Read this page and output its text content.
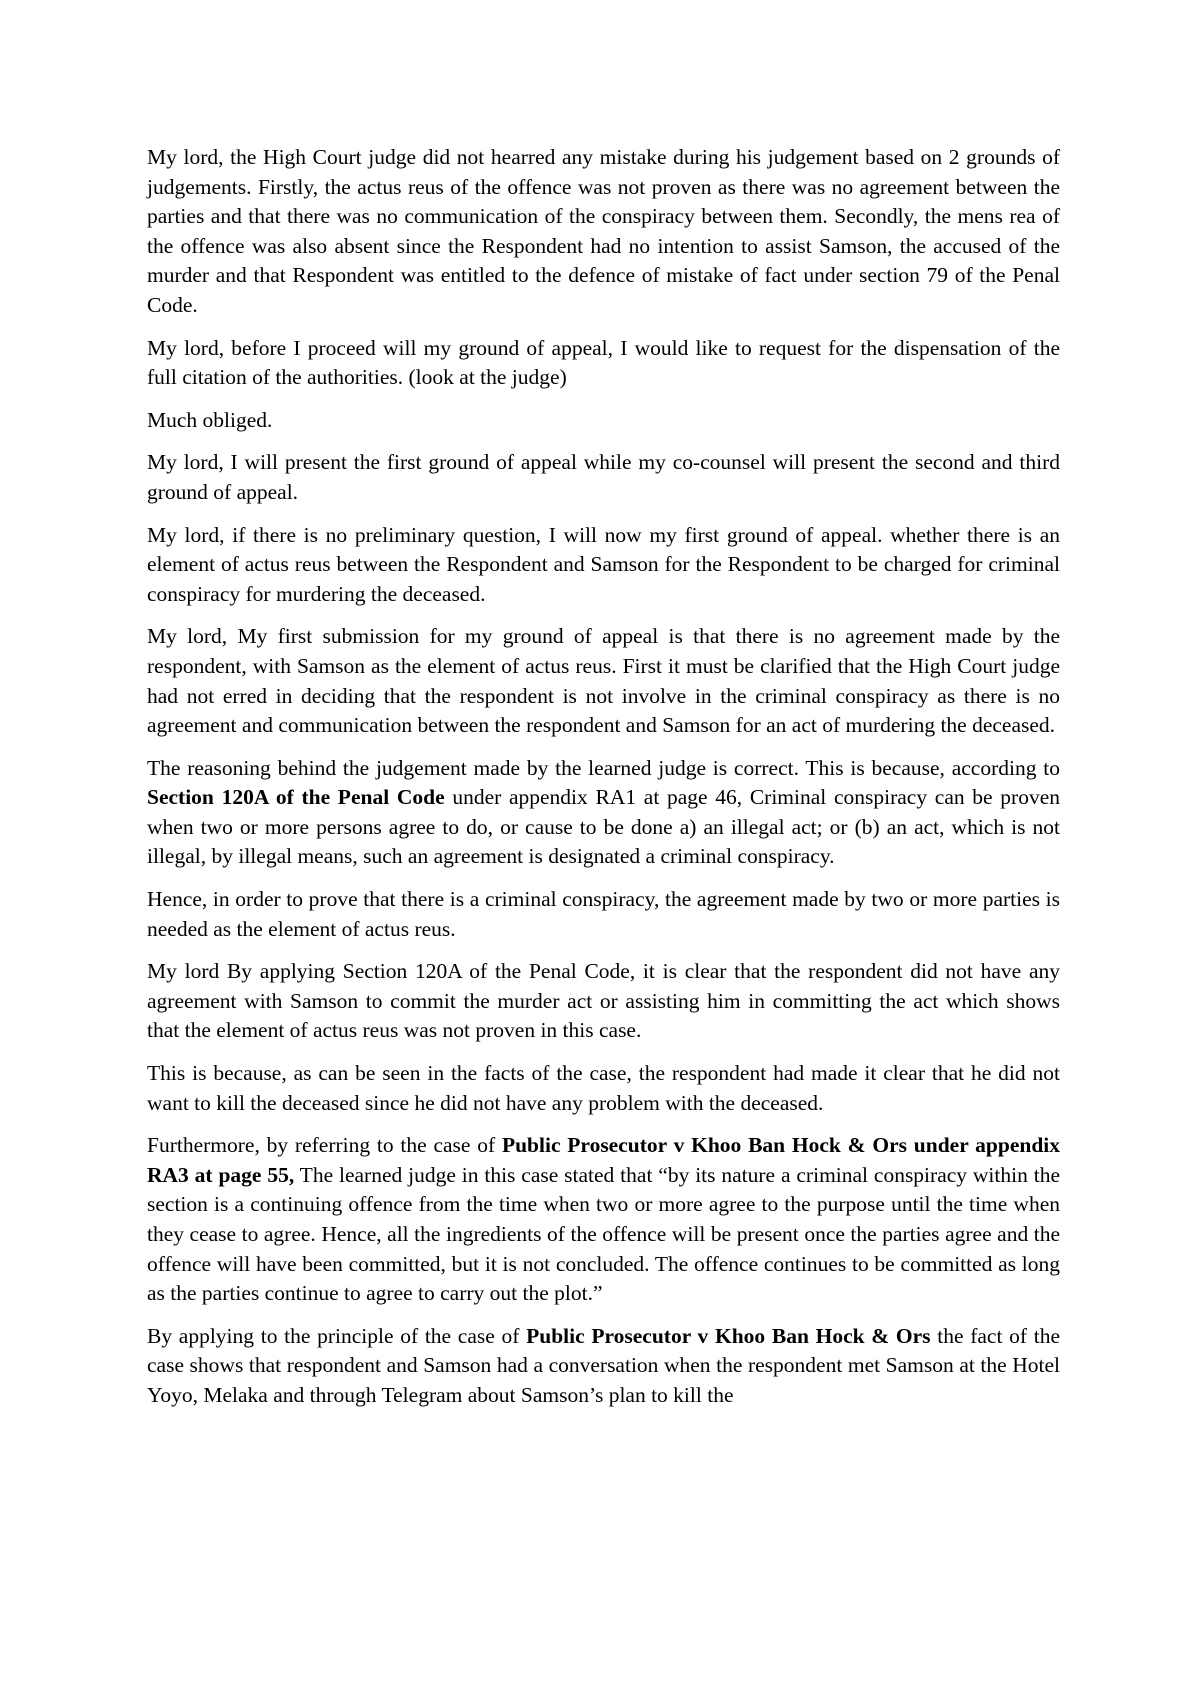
My lord, the High Court judge did not hearred any mistake during his judgement based on 2 grounds of judgements. Firstly, the actus reus of the offence was not proven as there was no agreement between the parties and that there was no communication of the conspiracy between them. Secondly, the mens rea of the offence was also absent since the Respondent had no intention to assist Samson, the accused of the murder and that Respondent was entitled to the defence of mistake of fact under section 79 of the Penal Code.

My lord, before I proceed will my ground of appeal, I would like to request for the dispensation of the full citation of the authorities. (look at the judge)

Much obliged.

My lord, I will present the first ground of appeal while my co-counsel will present the second and third ground of appeal.

My lord, if there is no preliminary question, I will now my first ground of appeal. whether there is an element of actus reus between the Respondent and Samson for the Respondent to be charged for criminal conspiracy for murdering the deceased.

My lord, My first submission for my ground of appeal is that there is no agreement made by the respondent, with Samson as the element of actus reus. First it must be clarified that the High Court judge had not erred in deciding that the respondent is not involve in the criminal conspiracy as there is no agreement and communication between the respondent and Samson for an act of murdering the deceased.

The reasoning behind the judgement made by the learned judge is correct. This is because, according to Section 120A of the Penal Code under appendix RA1 at page 46, Criminal conspiracy can be proven when two or more persons agree to do, or cause to be done a) an illegal act; or (b) an act, which is not illegal, by illegal means, such an agreement is designated a criminal conspiracy.

Hence, in order to prove that there is a criminal conspiracy, the agreement made by two or more parties is needed as the element of actus reus.

My lord By applying Section 120A of the Penal Code, it is clear that the respondent did not have any agreement with Samson to commit the murder act or assisting him in committing the act which shows that the element of actus reus was not proven in this case.

This is because, as can be seen in the facts of the case, the respondent had made it clear that he did not want to kill the deceased since he did not have any problem with the deceased.

Furthermore, by referring to the case of Public Prosecutor v Khoo Ban Hock & Ors under appendix RA3 at page 55, The learned judge in this case stated that “by its nature a criminal conspiracy within the section is a continuing offence from the time when two or more agree to the purpose until the time when they cease to agree. Hence, all the ingredients of the offence will be present once the parties agree and the offence will have been committed, but it is not concluded. The offence continues to be committed as long as the parties continue to agree to carry out the plot.”

By applying to the principle of the case of Public Prosecutor v Khoo Ban Hock & Ors the fact of the case shows that respondent and Samson had a conversation when the respondent met Samson at the Hotel Yoyo, Melaka and through Telegram about Samson’s plan to kill the
